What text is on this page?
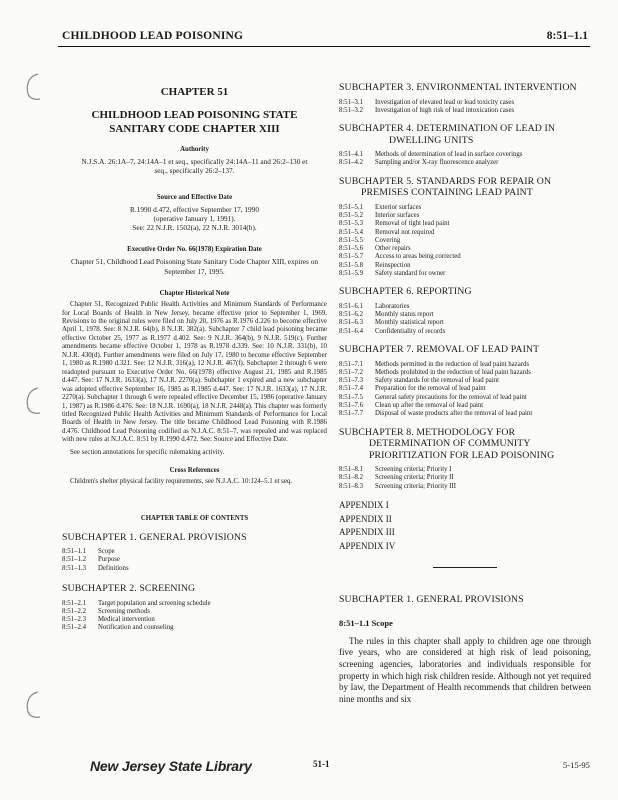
CHILDHOOD LEAD POISONING	8:51–1.1
CHAPTER 51
CHILDHOOD LEAD POISONING STATE
SANITARY CODE CHAPTER XIII
Authority
N.J.S.A. 26:1A–7, 24:14A–1 et seq., specifically 24:14A–11 and 26:2–130 et seq., specifically 26:2–137.
Source and Effective Date
R.1990 d.472, effective September 17, 1990
(operative January 1, 1991).
See: 22 N.J.R. 1502(a), 22 N.J.R. 3014(b).
Executive Order No. 66(1978) Expiration Date
Chapter 51, Childhood Lead Poisoning State Sanitary Code Chapter XIII, expires on September 17, 1995.
Chapter Historical Note
Chapter 51, Recognized Public Health Activities and Minimum Standards of Performance for Local Boards of Health in New Jersey, became effective prior to September 1, 1969. Revisions to the original rules were filed on July 20, 1976 as R.1976 d.226 to become effective April 1, 1978. See: 8 N.J.R. 64(b), 8 N.J.R. 382(a). Subchapter 7 child lead poisoning became effective October 25, 1977 as R.1977 d.402. See: 9 N.J.R. 364(b), 9 N.J.R. 519(c). Further amendments became effective October 1, 1978 as R.1978 d.339. See: 10 N.J.R. 331(b), 10 N.J.R. 430(d). Further amendments were filed on July 17, 1980 to become effective September 1, 1980 as R.1980 d.321. See: 12 N.J.R. 316(a), 12 N.J.R. 467(f). Subchapter 2 through 6 were readopted pursuant to Executive Order No. 66(1978) effective August 21, 1985 and R.1985 d.447. See: 17 N.J.R. 1633(a), 17 N.J.R. 2270(a). Subchapter 1 expired and a new subchapter was adopted effective September 16, 1985 as R.1985 d.447. See: 17 N.J.R. 1633(a), 17 N.J.R. 2270(a). Subchapter 1 through 6 were repealed effective December 15, 1986 (operative January 1, 1987) as R.1986 d.476. See: 18 N.J.R. 1690(a), 18 N.J.R. 2448(a). This chapter was formerly titled Recognized Public Health Activities and Minimum Standards of Performance for Local Boards of Health in New Jersey. The title became Childhood Lead Poisoning with R.1986 d.476. Childhood Lead Poisoning codified as N.J.A.C. 8:51–7, was repealed and was replaced with new rules at N.J.A.C. 8:51 by R.1990 d.472. See: Source and Effective Date.
See section annotations for specific rulemaking activity.
Cross References
Children's shelter physical facility requirements, see N.J.A.C. 10:124–5.1 et seq.
CHAPTER TABLE OF CONTENTS
SUBCHAPTER 1. GENERAL PROVISIONS
8:51–1.1	Scope
8:51–1.2	Purpose
8:51–1.3	Definitions
SUBCHAPTER 2. SCREENING
8:51–2.1	Target population and screening schedule
8:51–2.2	Screening methods
8:51–2.3	Medical intervention
8:51–2.4	Notification and counseling
SUBCHAPTER 3. ENVIRONMENTAL INTERVENTION
8:51–3.1	Investigation of elevated lead or lead toxicity cases
8:51–3.2	Investigation of high risk of lead intoxication cases
SUBCHAPTER 4. DETERMINATION OF LEAD IN
DWELLING UNITS
8:51–4.1	Methods of determination of lead in surface coverings
8:51–4.2	Sampling and/or X-ray fluorescence analyzer
SUBCHAPTER 5. STANDARDS FOR REPAIR ON
PREMISES CONTAINING LEAD PAINT
8:51–5.1	Exterior surfaces
8:51–5.2	Interior surfaces
8:51–5.3	Removal of tight lead paint
8:51–5.4	Removal not required
8:51–5.5	Covering
8:51–5.6	Other repairs
8:51–5.7	Access to areas being corrected
8:51–5.8	Reinspection
8:51–5.9	Safety standard for owner
SUBCHAPTER 6. REPORTING
8:51–6.1	Laboratories
8:51–6.2	Monthly status report
8:51–6.3	Monthly statistical report
8:51–6.4	Confidentiality of records
SUBCHAPTER 7. REMOVAL OF LEAD PAINT
8:51–7.1	Methods permitted in the reduction of lead paint hazards
8:51–7.2	Methods prohibited in the reduction of lead paint hazards
8:51–7.3	Safety standards for the removal of lead paint
8:51–7.4	Preparation for the removal of lead paint
8:51–7.5	General safety precautions for the removal of lead paint
8:51–7.6	Clean up after the removal of lead paint
8:51–7.7	Disposal of waste products after the removal of lead paint
SUBCHAPTER 8. METHODOLOGY FOR
DETERMINATION OF COMMUNITY
PRIORITIZATION FOR LEAD POISONING
8:51–8.1	Screening criteria; Priority I
8:51–8.2	Screening criteria; Priority II
8:51–8.3	Screening criteria; Priority III
APPENDIX I
APPENDIX II
APPENDIX III
APPENDIX IV
SUBCHAPTER 1. GENERAL PROVISIONS
8:51–1.1 Scope
The rules in this chapter shall apply to children age one through five years, who are considered at high risk of lead poisoning, screening agencies, laboratories and individuals responsible for property in which high risk children reside. Although not yet required by law, the Department of Health recommends that children between nine months and six
New Jersey State Library	51-1	5-15-95
